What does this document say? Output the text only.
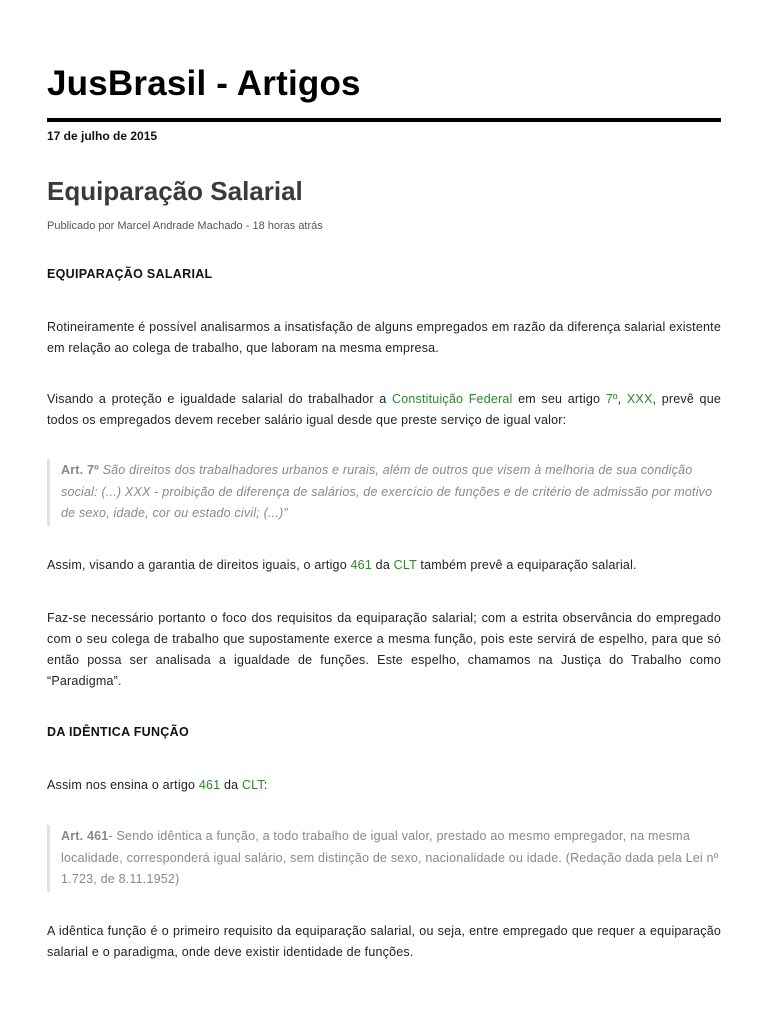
JusBrasil - Artigos
17 de julho de 2015
Equiparação Salarial
Publicado por Marcel Andrade Machado - 18 horas atrás
EQUIPARAÇÃO SALARIAL

Rotineiramente é possível analisarmos a insatisfação de alguns empregados em razão da diferença salarial existente em relação ao colega de trabalho, que laboram na mesma empresa.

Visando a proteção e igualdade salarial do trabalhador a Constituição Federal em seu artigo 7º, XXX, prevê que todos os empregados devem receber salário igual desde que preste serviço de igual valor:

Art. 7º São direitos dos trabalhadores urbanos e rurais, além de outros que visem à melhoria de sua condição social: (...) XXX - proibição de diferença de salários, de exercício de funções e de critério de admissão por motivo de sexo, idade, cor ou estado civil; (...)”

Assim, visando a garantia de direitos iguais, o artigo 461 da CLT também prevê a equiparação salarial.

Faz-se necessário portanto o foco dos requisitos da equiparação salarial; com a estrita observância do empregado com o seu colega de trabalho que supostamente exerce a mesma função, pois este servirá de espelho, para que só então possa ser analisada a igualdade de funções. Este espelho, chamamos na Justiça do Trabalho como “Paradigma”.

DA IDÊNTICA FUNÇÃO

Assim nos ensina o artigo 461 da CLT:

Art. 461- Sendo idêntica a função, a todo trabalho de igual valor, prestado ao mesmo empregador, na mesma localidade, corresponderá igual salário, sem distinção de sexo, nacionalidade ou idade. (Redação dada pela Lei nº 1.723, de 8.11.1952)

A idêntica função é o primeiro requisito da equiparação salarial, ou seja, entre empregado que requer a equiparação salarial e o paradigma, onde deve existir identidade de funções.
